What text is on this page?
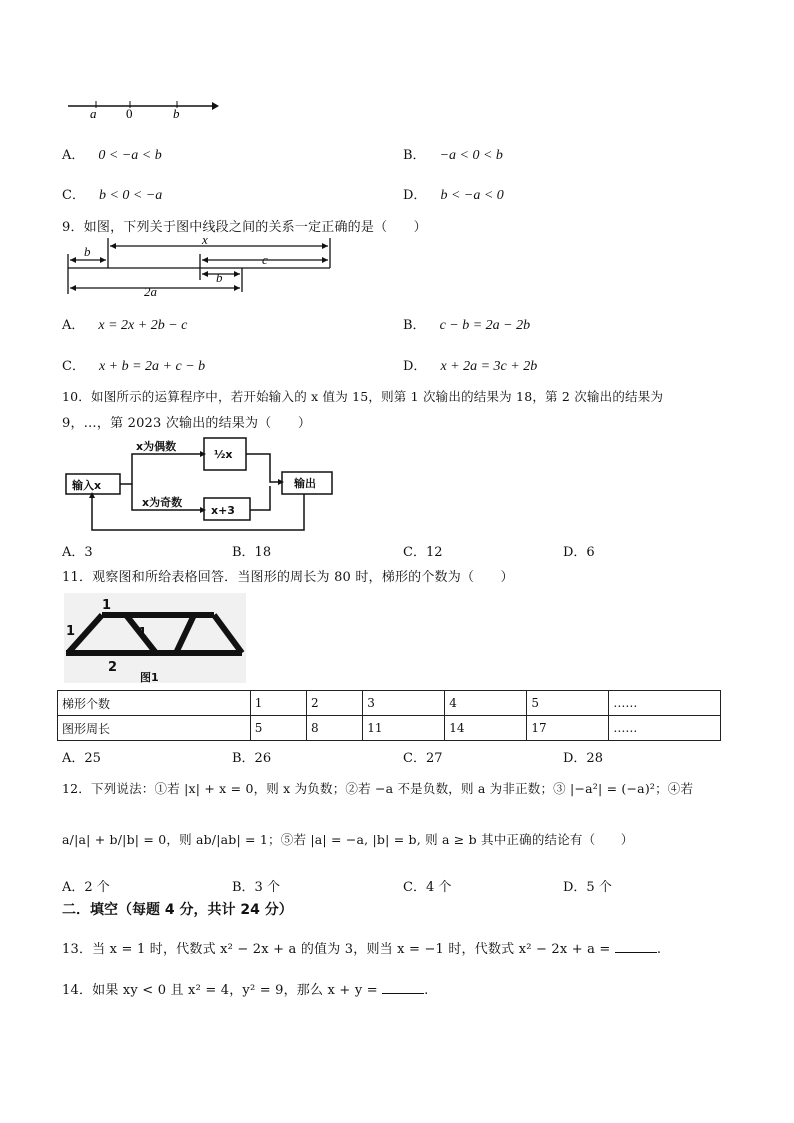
a 0	b
A． 0 < −a < b	B． −a < 0 < b
C． b < 0 < −a	D． b < −a < 0
9．如图，下列关于图中线段之间的关系一定正确的是（　　）
b
x
c
b
2a
A． x = 2x + 2b − c	B． c − b = 2a − 2b
C． x + b = 2a + c − b	D． x + 2a = 3c + 2b
10．如图所示的运算程序中，若开始输入的 x 值为 15，则第 1 次输出的结果为 18，第 2 次输出的结果为
9，…，第 2023 次输出的结果为（　　）
输入x
x为偶数
½x
x为奇数
x+3
输出
A．3	B．18	C．12	D．6
11．观察图和所给表格回答．当图形的周长为 80 时，梯形的个数为（　　）
1
1	1
2
图1
梯形个数	1	2	3	4	5	……
图形周长	5	8	11	14	17	……
A．25	B．26	C．27	D．28
12．下列说法：①若 |x| + x = 0，则 x 为负数；②若 −a 不是负数，则 a 为非正数；③ |−a²| = (−a)²；④若
a/|a| + b/|b| = 0，则 ab/|ab| = 1；⑤若 |a| = −a, |b| = b, 则 a ≥ b 其中正确的结论有（　　）
A．2 个	B．3 个	C．4 个	D．5 个
二．填空（每题 4 分，共计 24 分）
13．当 x = 1 时，代数式 x² − 2x + a 的值为 3，则当 x = −1 时，代数式 x² − 2x + a =	.
14．如果 xy < 0 且 x² = 4，y² = 9，那么 x + y =	.
